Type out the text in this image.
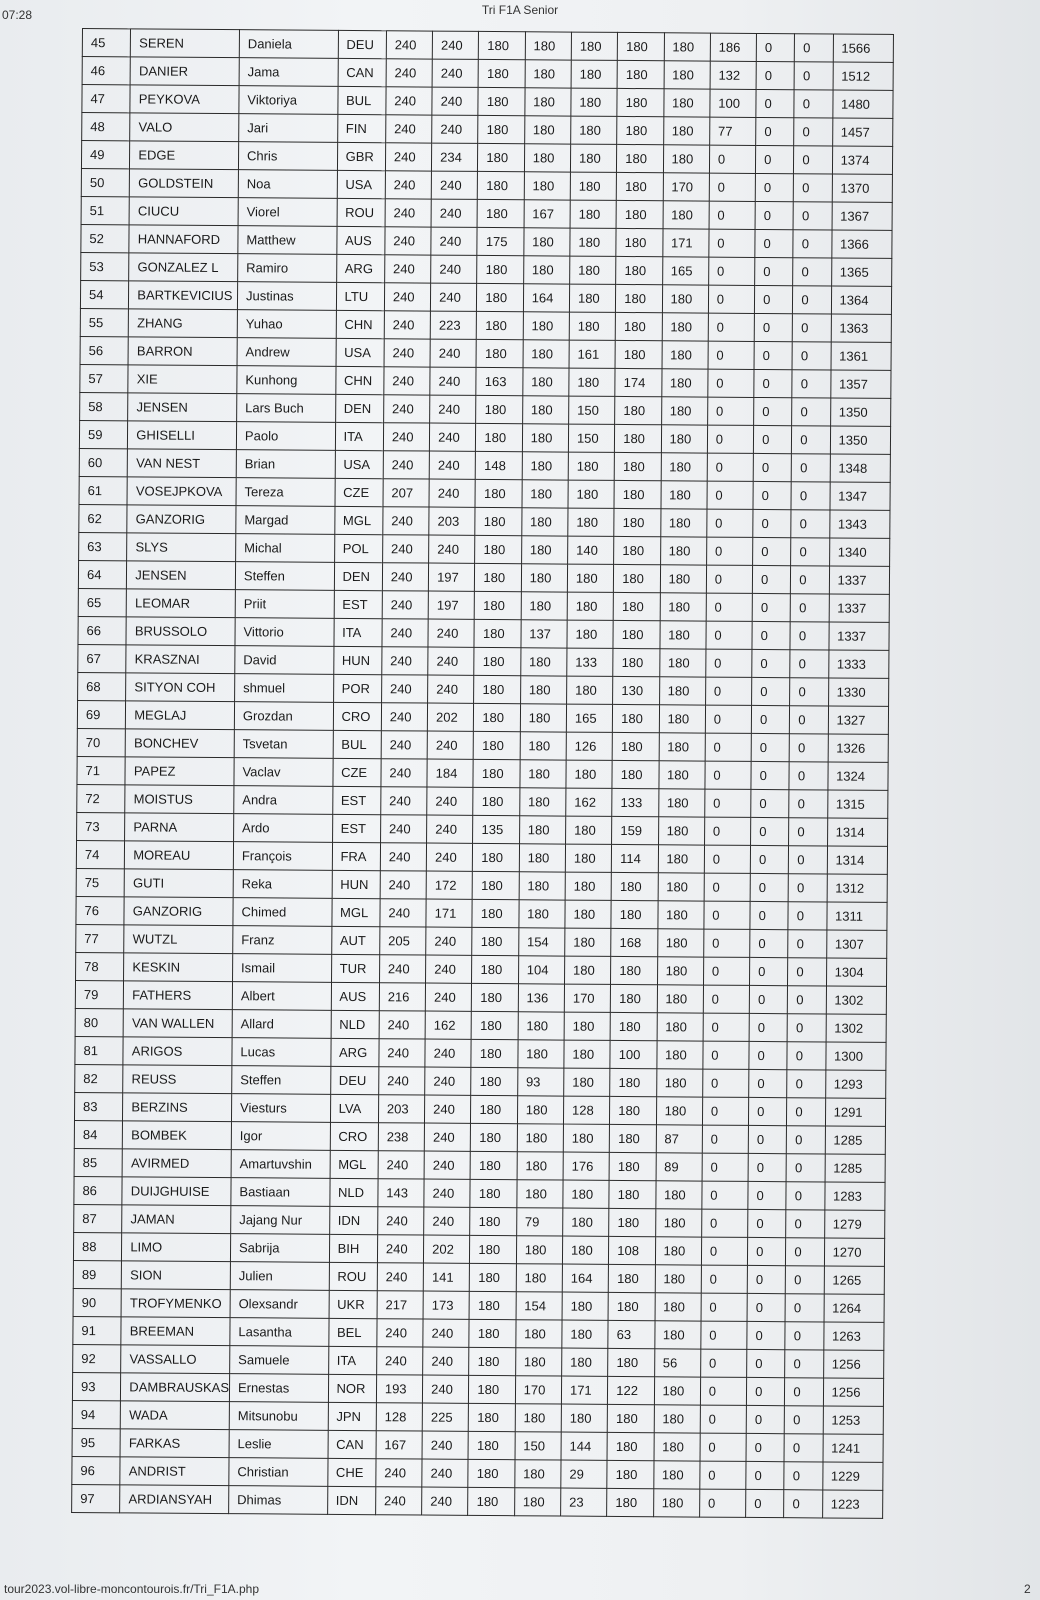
07:28	Tri F1A Senior
45	SEREN	Daniela	DEU	240	240	180	180	180	180	180	186	0	0	1566
46	DANIER	Jama	CAN	240	240	180	180	180	180	180	132	0	0	1512
47	PEYKOVA	Viktoriya	BUL	240	240	180	180	180	180	180	100	0	0	1480
48	VALO	Jari	FIN	240	240	180	180	180	180	180	77	0	0	1457
49	EDGE	Chris	GBR	240	234	180	180	180	180	180	0	0	0	1374
50	GOLDSTEIN	Noa	USA	240	240	180	180	180	180	170	0	0	0	1370
51	CIUCU	Viorel	ROU	240	240	180	167	180	180	180	0	0	0	1367
52	HANNAFORD	Matthew	AUS	240	240	175	180	180	180	171	0	0	0	1366
53	GONZALEZ L	Ramiro	ARG	240	240	180	180	180	180	165	0	0	0	1365
54	BARTKEVICIUS	Justinas	LTU	240	240	180	164	180	180	180	0	0	0	1364
55	ZHANG	Yuhao	CHN	240	223	180	180	180	180	180	0	0	0	1363
56	BARRON	Andrew	USA	240	240	180	180	161	180	180	0	0	0	1361
57	XIE	Kunhong	CHN	240	240	163	180	180	174	180	0	0	0	1357
58	JENSEN	Lars Buch	DEN	240	240	180	180	150	180	180	0	0	0	1350
59	GHISELLI	Paolo	ITA	240	240	180	180	150	180	180	0	0	0	1350
60	VAN NEST	Brian	USA	240	240	148	180	180	180	180	0	0	0	1348
61	VOSEJPKOVA	Tereza	CZE	207	240	180	180	180	180	180	0	0	0	1347
62	GANZORIG	Margad	MGL	240	203	180	180	180	180	180	0	0	0	1343
63	SLYS	Michal	POL	240	240	180	180	140	180	180	0	0	0	1340
64	JENSEN	Steffen	DEN	240	197	180	180	180	180	180	0	0	0	1337
65	LEOMAR	Priit	EST	240	197	180	180	180	180	180	0	0	0	1337
66	BRUSSOLO	Vittorio	ITA	240	240	180	137	180	180	180	0	0	0	1337
67	KRASZNAI	David	HUN	240	240	180	180	133	180	180	0	0	0	1333
68	SITYON COH	shmuel	POR	240	240	180	180	180	130	180	0	0	0	1330
69	MEGLAJ	Grozdan	CRO	240	202	180	180	165	180	180	0	0	0	1327
70	BONCHEV	Tsvetan	BUL	240	240	180	180	126	180	180	0	0	0	1326
71	PAPEZ	Vaclav	CZE	240	184	180	180	180	180	180	0	0	0	1324
72	MOISTUS	Andra	EST	240	240	180	180	162	133	180	0	0	0	1315
73	PARNA	Ardo	EST	240	240	135	180	180	159	180	0	0	0	1314
74	MOREAU	François	FRA	240	240	180	180	180	114	180	0	0	0	1314
75	GUTI	Reka	HUN	240	172	180	180	180	180	180	0	0	0	1312
76	GANZORIG	Chimed	MGL	240	171	180	180	180	180	180	0	0	0	1311
77	WUTZL	Franz	AUT	205	240	180	154	180	168	180	0	0	0	1307
78	KESKIN	Ismail	TUR	240	240	180	104	180	180	180	0	0	0	1304
79	FATHERS	Albert	AUS	216	240	180	136	170	180	180	0	0	0	1302
80	VAN WALLEN	Allard	NLD	240	162	180	180	180	180	180	0	0	0	1302
81	ARIGOS	Lucas	ARG	240	240	180	180	180	100	180	0	0	0	1300
82	REUSS	Steffen	DEU	240	240	180	93	180	180	180	0	0	0	1293
83	BERZINS	Viesturs	LVA	203	240	180	180	128	180	180	0	0	0	1291
84	BOMBEK	Igor	CRO	238	240	180	180	180	180	87	0	0	0	1285
85	AVIRMED	Amartuvshin	MGL	240	240	180	180	176	180	89	0	0	0	1285
86	DUIJGHUISE	Bastiaan	NLD	143	240	180	180	180	180	180	0	0	0	1283
87	JAMAN	Jajang Nur	IDN	240	240	180	79	180	180	180	0	0	0	1279
88	LIMO	Sabrija	BIH	240	202	180	180	180	108	180	0	0	0	1270
89	SION	Julien	ROU	240	141	180	180	164	180	180	0	0	0	1265
90	TROFYMENKO	Olexsandr	UKR	217	173	180	154	180	180	180	0	0	0	1264
91	BREEMAN	Lasantha	BEL	240	240	180	180	180	63	180	0	0	0	1263
92	VASSALLO	Samuele	ITA	240	240	180	180	180	180	56	0	0	0	1256
93	DAMBRAUSKAS	Ernestas	NOR	193	240	180	170	171	122	180	0	0	0	1256
94	WADA	Mitsunobu	JPN	128	225	180	180	180	180	180	0	0	0	1253
95	FARKAS	Leslie	CAN	167	240	180	150	144	180	180	0	0	0	1241
96	ANDRIST	Christian	CHE	240	240	180	180	29	180	180	0	0	0	1229
97	ARDIANSYAH	Dhimas	IDN	240	240	180	180	23	180	180	0	0	0	1223
tour2023.vol-libre-moncontourois.fr/Tri_F1A.php	2
